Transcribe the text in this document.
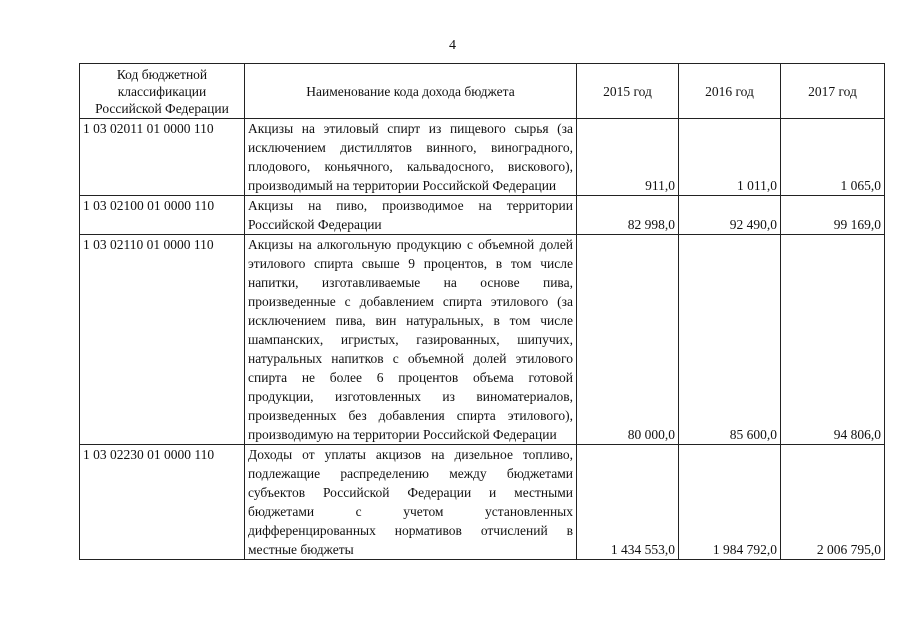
4
Код бюджетной классификации Российской Федерации	Наименование кода дохода бюджета	2015 год	2016 год	2017 год
1 03 02011 01 0000 110	Акцизы на этиловый спирт из пищевого сырья (за исключением дистиллятов винного, виноградного, плодового, коньячного, кальвадосного, вискового), производимый на территории Российской Федерации	911,0	1 011,0	1 065,0
1 03 02100 01 0000 110	Акцизы на пиво, производимое на территории Российской Федерации	82 998,0	92 490,0	99 169,0
1 03 02110 01 0000 110	Акцизы на алкогольную продукцию с объемной долей этилового спирта свыше 9 процентов, в том числе напитки, изготавливаемые на основе пива, произведенные с добавлением спирта этилового (за исключением пива, вин натуральных, в том числе шампанских, игристых, газированных, шипучих, натуральных напитков с объемной долей этилового спирта не более 6 процентов объема готовой продукции, изготовленных из виноматериалов, произведенных без добавления спирта этилового), производимую на территории Российской Федерации	80 000,0	85 600,0	94 806,0
1 03 02230 01 0000 110	Доходы от уплаты акцизов на дизельное топливо, подлежащие распределению между бюджетами субъектов Российской Федерации и местными бюджетами с учетом установленных дифференцированных нормативов отчислений в местные бюджеты	1 434 553,0	1 984 792,0	2 006 795,0
